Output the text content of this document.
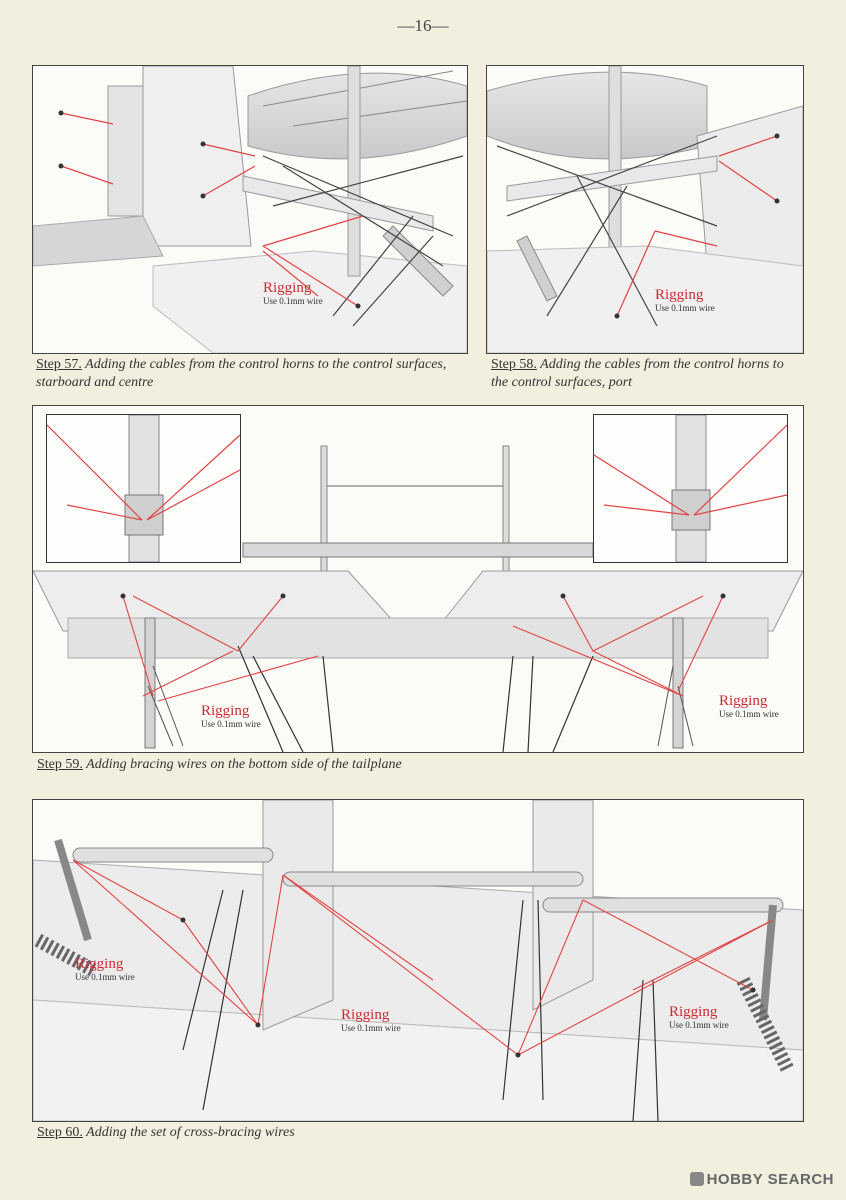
—16—
Rigging
Use 0.1mm wire
Step 57. Adding the cables from the control horns to the control surfaces, starboard and centre
Rigging
Use 0.1mm wire
Step 58. Adding the cables from the control horns to the control surfaces, port
Rigging
Use 0.1mm wire
Rigging
Use 0.1mm wire
Step 59. Adding bracing wires on the bottom side of the tailplane
Rigging
Use 0.1mm wire
Rigging
Use 0.1mm wire
Rigging
Use 0.1mm wire
Step 60. Adding the set of cross-bracing wires
HOBBY SEARCH
